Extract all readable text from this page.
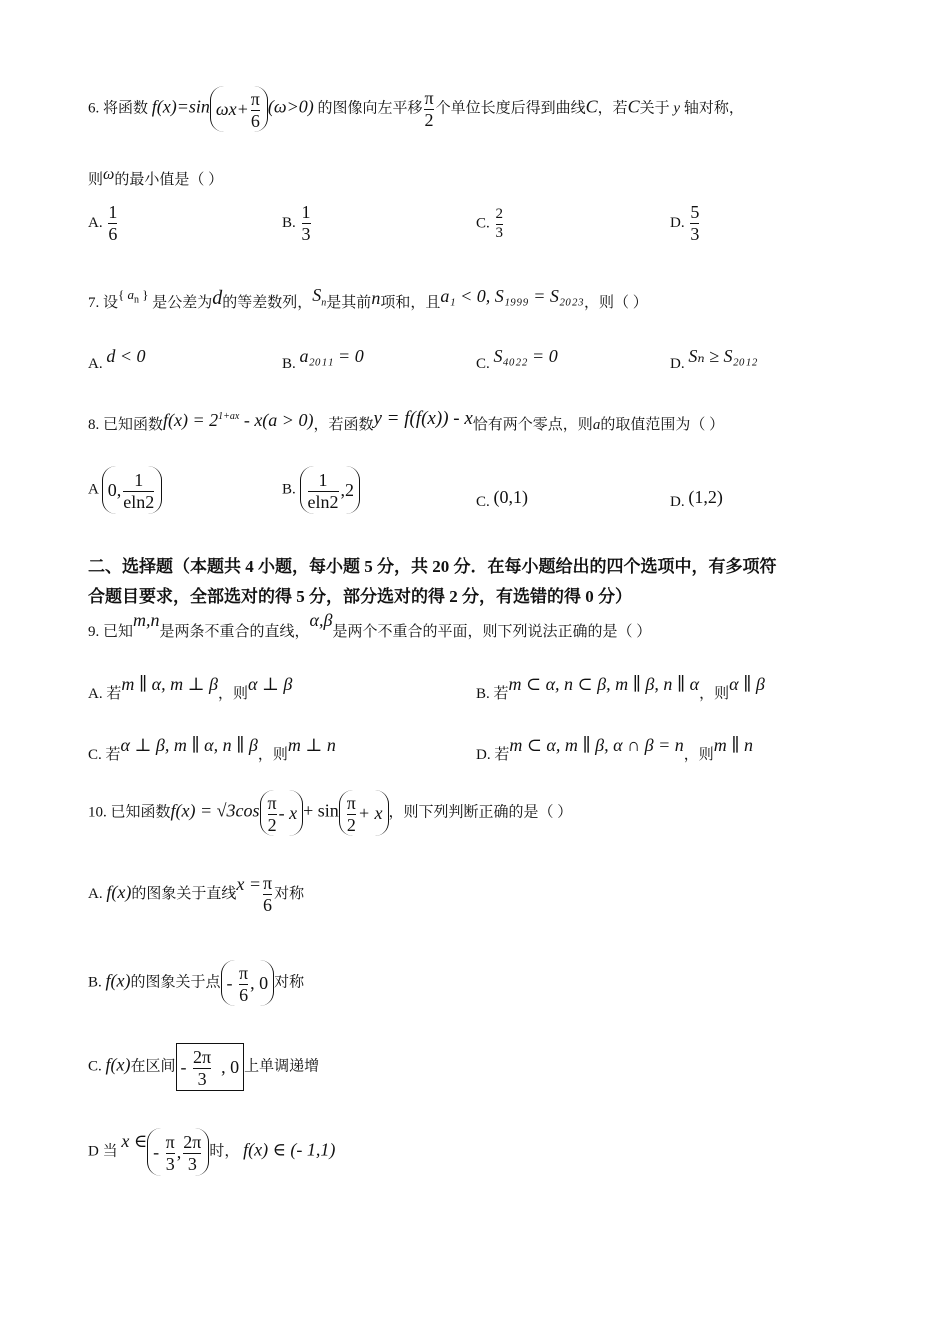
6. 将函数 f(x)=sin $\omega x+ \frac{\pi}{6} (\omega>0)$ 的图像向左平移 $\frac{\pi}{2}$ 个单位长度后得到曲线C，若C关于 y 轴对称，
则ω的最小值是（ ）
A. $\frac{1}{6}$	B. $\frac{1}{3}$	C. $\frac{2}{3}$	D. $\frac{5}{3}$
7. 设{ $a_n$ } 是公差为d的等差数列，$S_n$是其前n项和，且a₁ < 0, S₁₉₉₉ = S₂₀₂₃，则（ ）
A. d < 0	B. a₂₀₁₁ = 0	C. S₄₀₂₂ = 0	D. Sₙ ≥ S₂₀₁₂
8. 已知函数$f(x) = 2^{1+ax} - x(a > 0)$，若函数y = f(f(x)) - x恰有两个零点，则a的取值范围为（ ）
A 0, $\frac{1}{eln2}$	B. $\frac{1}{eln2} ,2$
C. (0,1)	D. (1,2)
二、选择题（本题共 4 小题，每小题 5 分，共 20 分．在每小题给出的四个选项中，有多项符
合题目要求，全部选对的得 5 分，部分选对的得 2 分，有选错的得 0 分）
9. 已知m,n是两条不重合的直线，α,β是两个不重合的平面，则下列说法正确的是（ ）
A. 若m ∥ α, m ⊥ β，则α ⊥ β	B. 若m ⊂ α, n ⊂ β, m ∥ β, n ∥ α，则α ∥ β
C. 若α ⊥ β, m ∥ α, n ∥ β，则m ⊥ n	D. 若m ⊂ α, m ∥ β, α ∩ β = n，则m ∥ n
10. 已知函数$f(x) = √3\cos \frac{\pi}{2} - x + \sin \frac{\pi}{2} + x$ ，则下列判断正确的是（ ）
A. f(x)的图象关于直线$x = \frac{\pi}{6}$ 对称
B. f(x)的图象关于点 - $\frac{\pi}{6}$ , 0 对称
C. f(x)在区间 - $\frac{2\pi}{3}$ , 0 上单调递增
D 当 x ∈- $\frac{\pi}{3}$ , $\frac{2\pi}{3}$ 时， f(x) ∈ (- 1,1)
